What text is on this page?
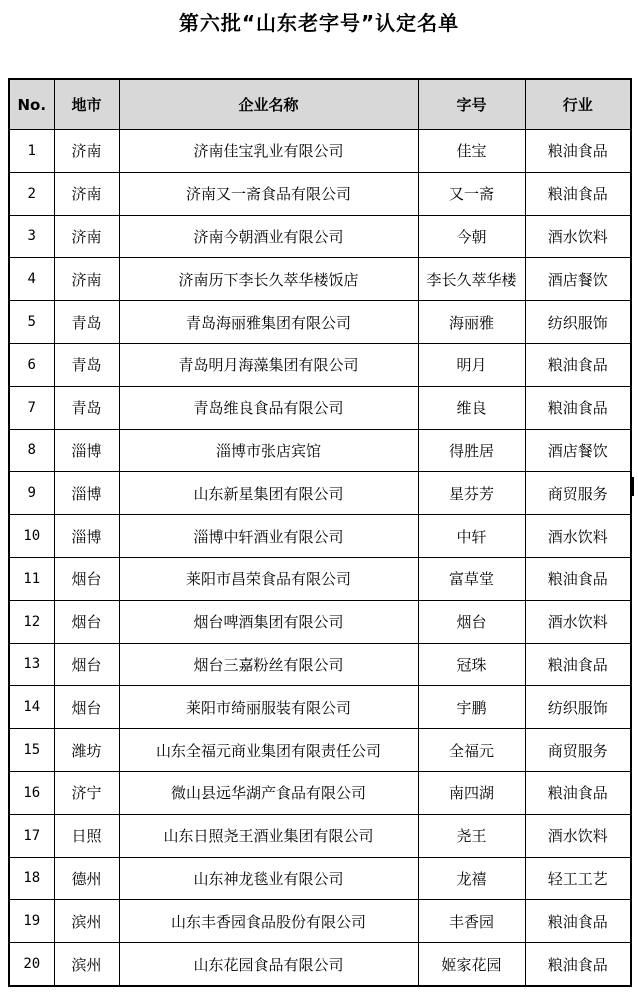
第六批“山东老字号”认定名单
No.	地市	企业名称	字号	行业
1	济南	济南佳宝乳业有限公司	佳宝	粮油食品
2	济南	济南又一斋食品有限公司	又一斋	粮油食品
3	济南	济南今朝酒业有限公司	今朝	酒水饮料
4	济南	济南历下李长久萃华楼饭店	李长久萃华楼	酒店餐饮
5	青岛	青岛海丽雅集团有限公司	海丽雅	纺织服饰
6	青岛	青岛明月海藻集团有限公司	明月	粮油食品
7	青岛	青岛维良食品有限公司	维良	粮油食品
8	淄博	淄博市张店宾馆	得胜居	酒店餐饮
9	淄博	山东新星集团有限公司	星芬芳	商贸服务
10	淄博	淄博中轩酒业有限公司	中轩	酒水饮料
11	烟台	莱阳市昌荣食品有限公司	富草堂	粮油食品
12	烟台	烟台啤酒集团有限公司	烟台	酒水饮料
13	烟台	烟台三嘉粉丝有限公司	冠珠	粮油食品
14	烟台	莱阳市绮丽服装有限公司	宇鹏	纺织服饰
15	潍坊	山东全福元商业集团有限责任公司	全福元	商贸服务
16	济宁	微山县远华湖产食品有限公司	南四湖	粮油食品
17	日照	山东日照尧王酒业集团有限公司	尧王	酒水饮料
18	德州	山东神龙毯业有限公司	龙禧	轻工工艺
19	滨州	山东丰香园食品股份有限公司	丰香园	粮油食品
20	滨州	山东花园食品有限公司	姬家花园	粮油食品
